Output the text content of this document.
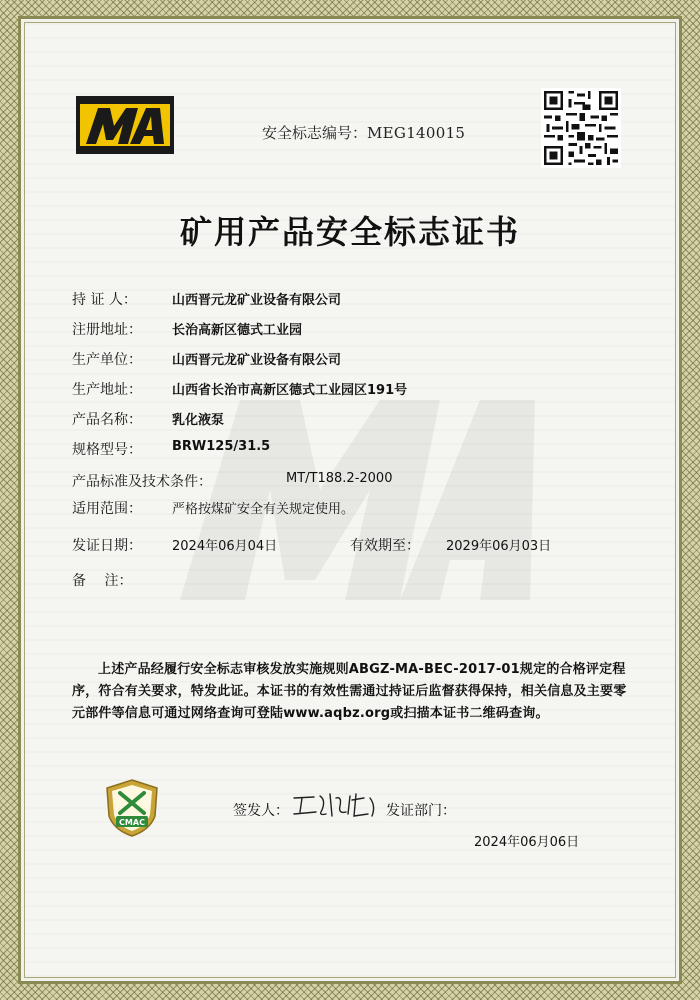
安全标志编号：MEG140015
矿用产品安全标志证书
持 证 人：	山西晋元龙矿业设备有限公司
注册地址： 长治高新区德式工业园
生产单位： 山西晋元龙矿业设备有限公司
生产地址： 山西省长治市高新区德式工业园区191号
产品名称： 乳化液泵
规格型号： BRW125/31.5
产品标准及技术条件：	MT/T188.2-2000
适用范围： 严格按煤矿安全有关规定使用。
发证日期： 2024年06月04日	有效期至： 2029年06月03日
备　 注：
上述产品经履行安全标志审核发放实施规则ABGZ-MA-BEC-2017-01规定的合格评定程序，符合有关要求，特发此证。本证书的有效性需通过持证后监督获得保持，相关信息及主要零元部件等信息可通过网络查询可登陆www.aqbz.org或扫描本证书二维码查询。
CMAC
签发人：	发证部门：
2024年06月06日
